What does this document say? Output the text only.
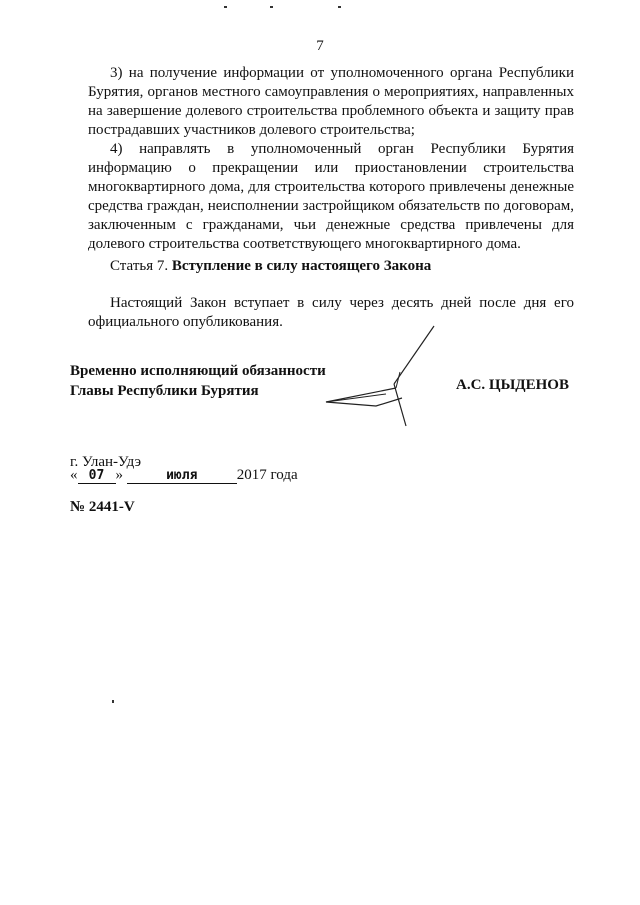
7

3) на получение информации от уполномоченного органа Республики Бурятия, органов местного самоуправления о мероприятиях, направленных на завершение долевого строительства проблемного объекта и защиту прав пострадавших участников долевого строительства;

4) направлять в уполномоченный орган Республики Бурятия информацию о прекращении или приостановлении строительства многоквартирного дома, для строительства которого привлечены денежные средства граждан, неисполнении застройщиком обязательств по договорам, заключенным с гражданами, чьи денежные средства привлечены для долевого строительства соответствующего многоквартирного дома.

Статья 7. Вступление в силу настоящего Закона

Настоящий Закон вступает в силу через десять дней после дня его официального опубликования.

Временно исполняющий обязанности
Главы Республики Бурятия	А.С. ЦЫДЕНОВ
г. Улан-Удэ
« 07 »	июля	2017 года
№ 2441-V
